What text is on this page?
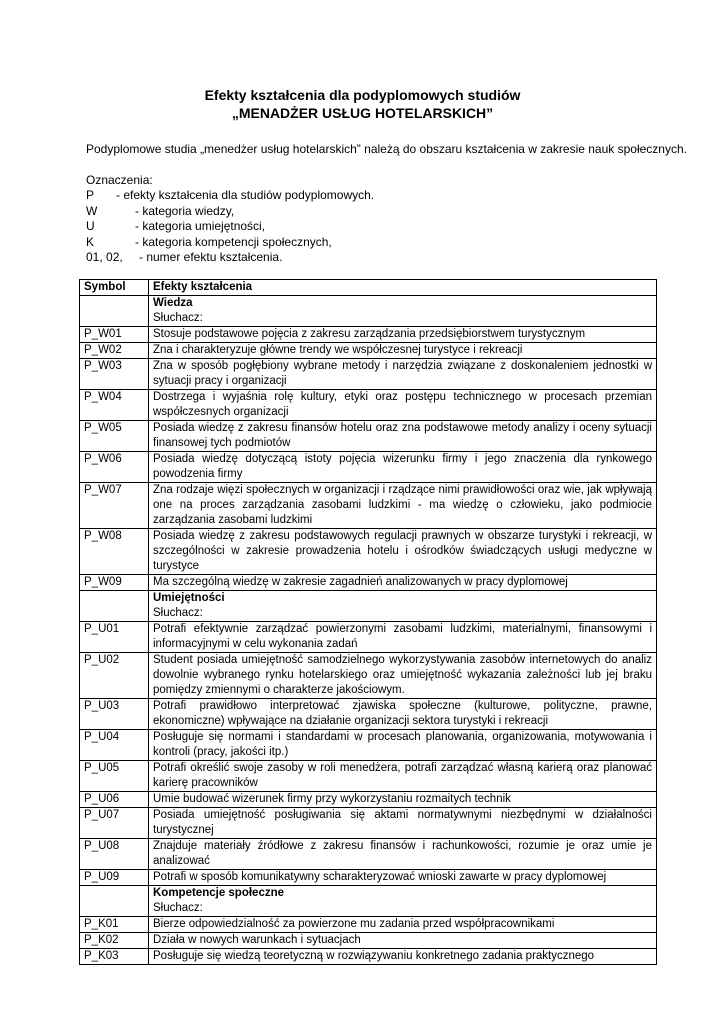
Efekty kształcenia dla podyplomowych studiów
„MENADŻER USŁUG HOTELARSKICH”
Podyplomowe studia „menedżer usług hotelarskich” należą do obszaru kształcenia w zakresie nauk społecznych.
Oznaczenia:
P - efekty kształcenia dla studiów podyplomowych.
W	- kategoria wiedzy,
U	- kategoria umiejętności,
K	- kategoria kompetencji społecznych,
01, 02, - numer efektu kształcenia.
Symbol	Efekty kształcenia

	Wiedza
Słuchacz:

P_W01	Stosuje podstawowe pojęcia z zakresu zarządzania przedsiębiorstwem turystycznym
P_W02	Zna i charakteryzuje główne trendy we współczesnej turystyce i rekreacji
P_W03	Zna w sposób pogłębiony wybrane metody i narzędzia związane z doskonaleniem jednostki w sytuacji pracy i organizacji
P_W04	Dostrzega i wyjaśnia rolę kultury, etyki oraz postępu technicznego w procesach przemian współczesnych organizacji
P_W05	Posiada wiedzę z zakresu finansów hotelu oraz zna podstawowe metody analizy i oceny sytuacji finansowej tych podmiotów
P_W06	Posiada wiedzę dotyczącą istoty pojęcia wizerunku firmy i jego znaczenia dla rynkowego powodzenia firmy
P_W07	Zna rodzaje więzi społecznych w organizacji i rządzące nimi prawidłowości oraz wie, jak wpływają one na proces zarządzania zasobami ludzkimi - ma wiedzę o człowieku, jako podmiocie zarządzania zasobami ludzkimi
P_W08	Posiada wiedzę z zakresu podstawowych regulacji prawnych w obszarze turystyki i rekreacji, w szczególności w zakresie prowadzenia hotelu i ośrodków świadczących usługi medyczne w turystyce
P_W09	Ma szczególną wiedzę w zakresie zagadnień analizowanych w pracy dyplomowej

	Umiejętności
Słuchacz:

P_U01	Potrafi efektywnie zarządzać powierzonymi zasobami ludzkimi, materialnymi, finansowymi i informacyjnymi w celu wykonania zadań
P_U02	Student posiada umiejętność samodzielnego wykorzystywania zasobów internetowych do analiz dowolnie wybranego rynku hotelarskiego oraz umiejętność wykazania zależności lub jej braku pomiędzy zmiennymi o charakterze jakościowym.
P_U03	Potrafi prawidłowo interpretować zjawiska społeczne (kulturowe, polityczne, prawne, ekonomiczne) wpływające na działanie organizacji sektora turystyki i rekreacji
P_U04	Posługuje się normami i standardami w procesach planowania, organizowania, motywowania i kontroli (pracy, jakości itp.)
P_U05	Potrafi określić swoje zasoby w roli menedżera, potrafi zarządzać własną karierą oraz planować karierę pracowników
P_U06	Umie budować wizerunek firmy przy wykorzystaniu rozmaitych technik
P_U07	Posiada umiejętność posługiwania się aktami normatywnymi niezbędnymi w działalności turystycznej
P_U08	Znajduje materiały źródłowe z zakresu finansów i rachunkowości, rozumie je oraz umie je analizować
P_U09	Potrafi w sposób komunikatywny scharakteryzować wnioski zawarte w pracy dyplomowej

	Kompetencje społeczne
Słuchacz:

P_K01	Bierze odpowiedzialność za powierzone mu zadania przed współpracownikami
P_K02	Działa w nowych warunkach i sytuacjach
P_K03	Posługuje się wiedzą teoretyczną w rozwiązywaniu konkretnego zadania praktycznego
